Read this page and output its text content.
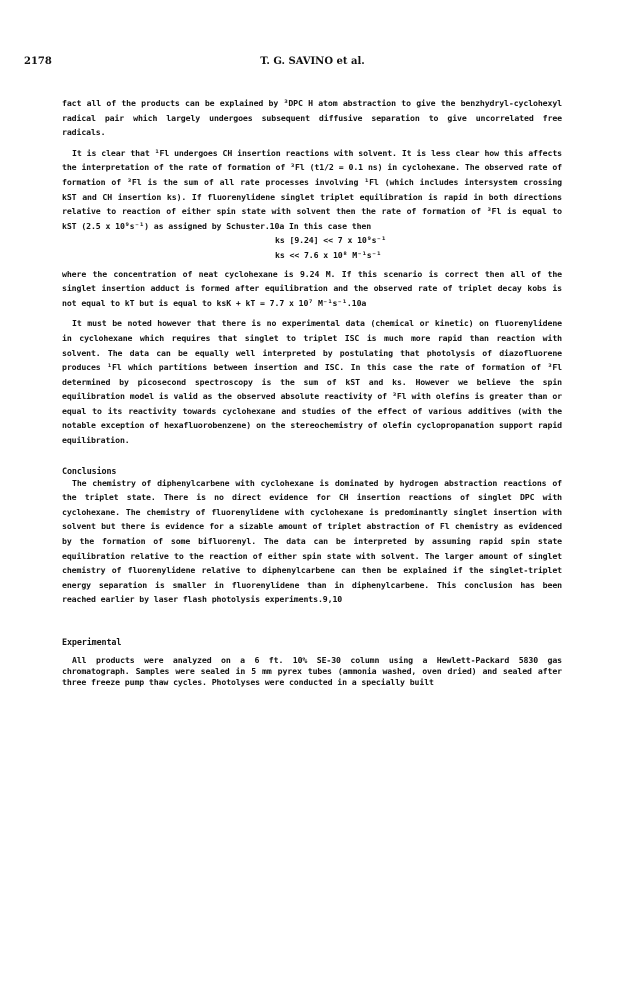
2178	T. G. SAVINO et al.

fact all of the products can be explained by ³DPC H atom abstraction to give the benzhydryl-cyclohexyl radical pair which largely undergoes subsequent diffusive separation to give uncorrelated free radicals.

It is clear that ¹Fl undergoes CH insertion reactions with solvent. It is less clear how this affects the interpretation of the rate of formation of ³Fl (t1/2 = 0.1 ns) in cyclohexane. The observed rate of formation of ³Fl is the sum of all rate processes involving ¹Fl (which includes intersystem crossing kST and CH insertion ks). If fluorenylidene singlet triplet equilibration is rapid in both directions relative to reaction of either spin state with solvent then the rate of formation of ³Fl is equal to kST (2.5 x 10⁹s⁻¹) as assigned by Schuster.10a In this case then

ks [9.24] << 7 x 10⁹s⁻¹

ks << 7.6 x 10⁸ M⁻¹s⁻¹

where the concentration of neat cyclohexane is 9.24 M. If this scenario is correct then all of the singlet insertion adduct is formed after equilibration and the observed rate of triplet decay kobs is not equal to kT but is equal to ksK + kT = 7.7 x 10⁷ M⁻¹s⁻¹.10a

It must be noted however that there is no experimental data (chemical or kinetic) on fluorenylidene in cyclohexane which requires that singlet to triplet ISC is much more rapid than reaction with solvent. The data can be equally well interpreted by postulating that photolysis of diazofluorene produces ¹Fl which partitions between insertion and ISC. In this case the rate of formation of ³Fl determined by picosecond spectroscopy is the sum of kST and ks. However we believe the spin equilibration model is valid as the observed absolute reactivity of ³Fl with olefins is greater than or equal to its reactivity towards cyclohexane and studies of the effect of various additives (with the notable exception of hexafluorobenzene) on the stereochemistry of olefin cyclopropanation support rapid equilibration.

Conclusions

The chemistry of diphenylcarbene with cyclohexane is dominated by hydrogen abstraction reactions of the triplet state. There is no direct evidence for CH insertion reactions of singlet DPC with cyclohexane. The chemistry of fluorenylidene with cyclohexane is predominantly singlet insertion with solvent but there is evidence for a sizable amount of triplet abstraction of Fl chemistry as evidenced by the formation of some bifluorenyl. The data can be interpreted by assuming rapid spin state equilibration relative to the reaction of either spin state with solvent. The larger amount of singlet chemistry of fluorenylidene relative to diphenylcarbene can then be explained if the singlet-triplet energy separation is smaller in fluorenylidene than in diphenylcarbene. This conclusion has been reached earlier by laser flash photolysis experiments.9,10

Experimental

All products were analyzed on a 6 ft. 10% SE-30 column using a Hewlett-Packard 5830 gas chromatograph. Samples were sealed in 5 mm pyrex tubes (ammonia washed, oven dried) and sealed after three freeze pump thaw cycles. Photolyses were conducted in a specially built
